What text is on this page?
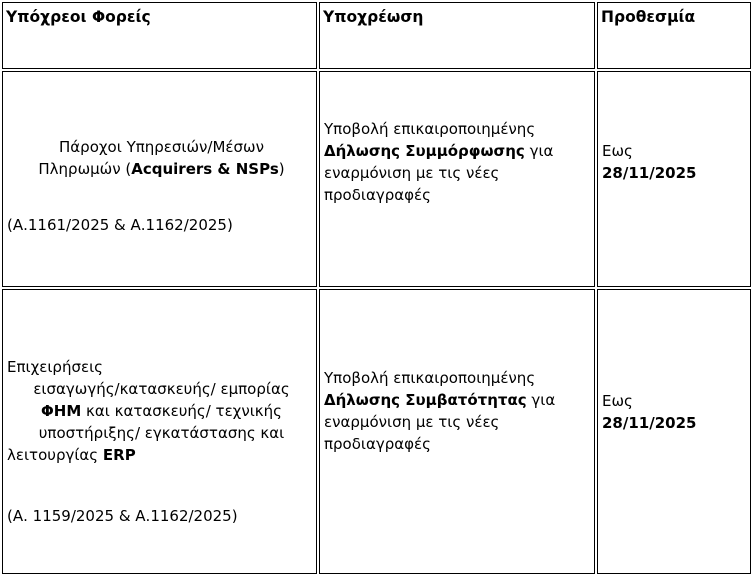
Υπόχρεοι Φορείς	Υποχρέωση	Προθεσμία

Πάροχοι Υπηρεσιών/Μέσων

Πληρωμών (Acquirers & NSPs)

(Α.1161/2025 & Α.1162/2025)

Υποβολή επικαιροποιημένης

Δήλωσης Συμμόρφωσης για

εναρμόνιση με τις νέες

προδιαγραφές

Εως

28/11/2025

Επιχειρήσεις

εισαγωγής/κατασκευής/ εμπορίας

ΦΗΜ και κατασκευής/ τεχνικής

υποστήριξης/ εγκατάστασης και

λειτουργίας ERP

(Α. 1159/2025 & Α.1162/2025)

Υποβολή επικαιροποιημένης

Δήλωσης Συμβατότητας για

εναρμόνιση με τις νέες

προδιαγραφές

Εως

28/11/2025
